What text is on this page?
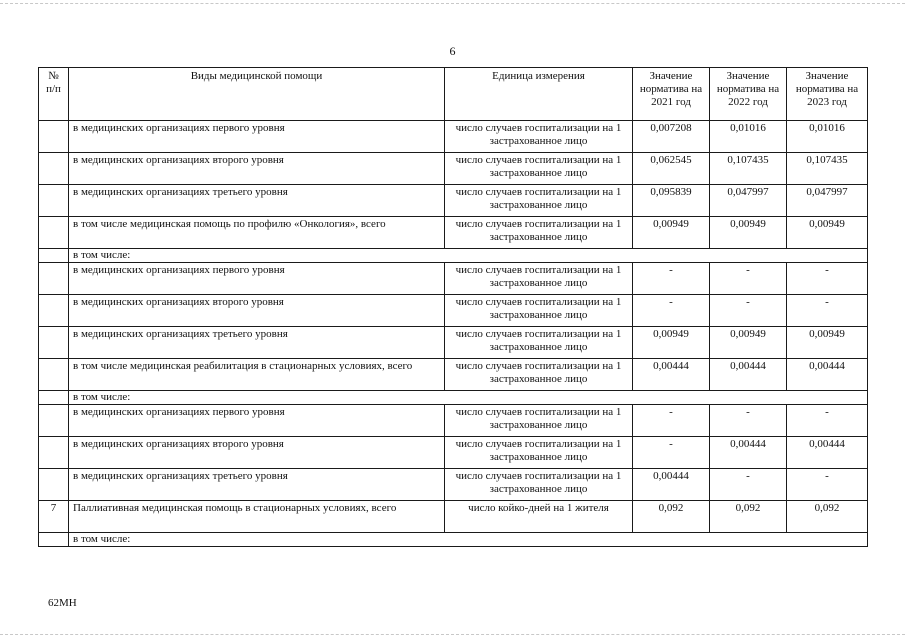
6
№ п/п	Виды медицинской помощи	Единица измерения	Значение норматива на 2021 год	Значение норматива на 2022 год	Значение норматива на 2023 год
	в медицинских организациях первого уровня	число случаев госпитализации на 1 застрахованное лицо	0,007208	0,01016	0,01016
	в медицинских организациях второго уровня	число случаев госпитализации на 1 застрахованное лицо	0,062545	0,107435	0,107435
	в медицинских организациях третьего уровня	число случаев госпитализации на 1 застрахованное лицо	0,095839	0,047997	0,047997
	в том числе медицинская помощь по профилю «Онкология», всего	число случаев госпитализации на 1 застрахованное лицо	0,00949	0,00949	0,00949
	в том числе:				
	в медицинских организациях первого уровня	число случаев госпитализации на 1 застрахованное лицо	-	-	-
	в медицинских организациях второго уровня	число случаев госпитализации на 1 застрахованное лицо	-	-	-
	в медицинских организациях третьего уровня	число случаев госпитализации на 1 застрахованное лицо	0,00949	0,00949	0,00949
	в том числе медицинская реабилитация в стационарных условиях, всего	число случаев госпитализации на 1 застрахованное лицо	0,00444	0,00444	0,00444
	в том числе:				
	в медицинских организациях первого уровня	число случаев госпитализации на 1 застрахованное лицо	-	-	-
	в медицинских организациях второго уровня	число случаев госпитализации на 1 застрахованное лицо	-	0,00444	0,00444
	в медицинских организациях третьего уровня	число случаев госпитализации на 1 застрахованное лицо	0,00444	-	-
7	Паллиативная медицинская помощь в стационарных условиях, всего	число койко-дней на 1 жителя	0,092	0,092	0,092
	в том числе:				
62МН
